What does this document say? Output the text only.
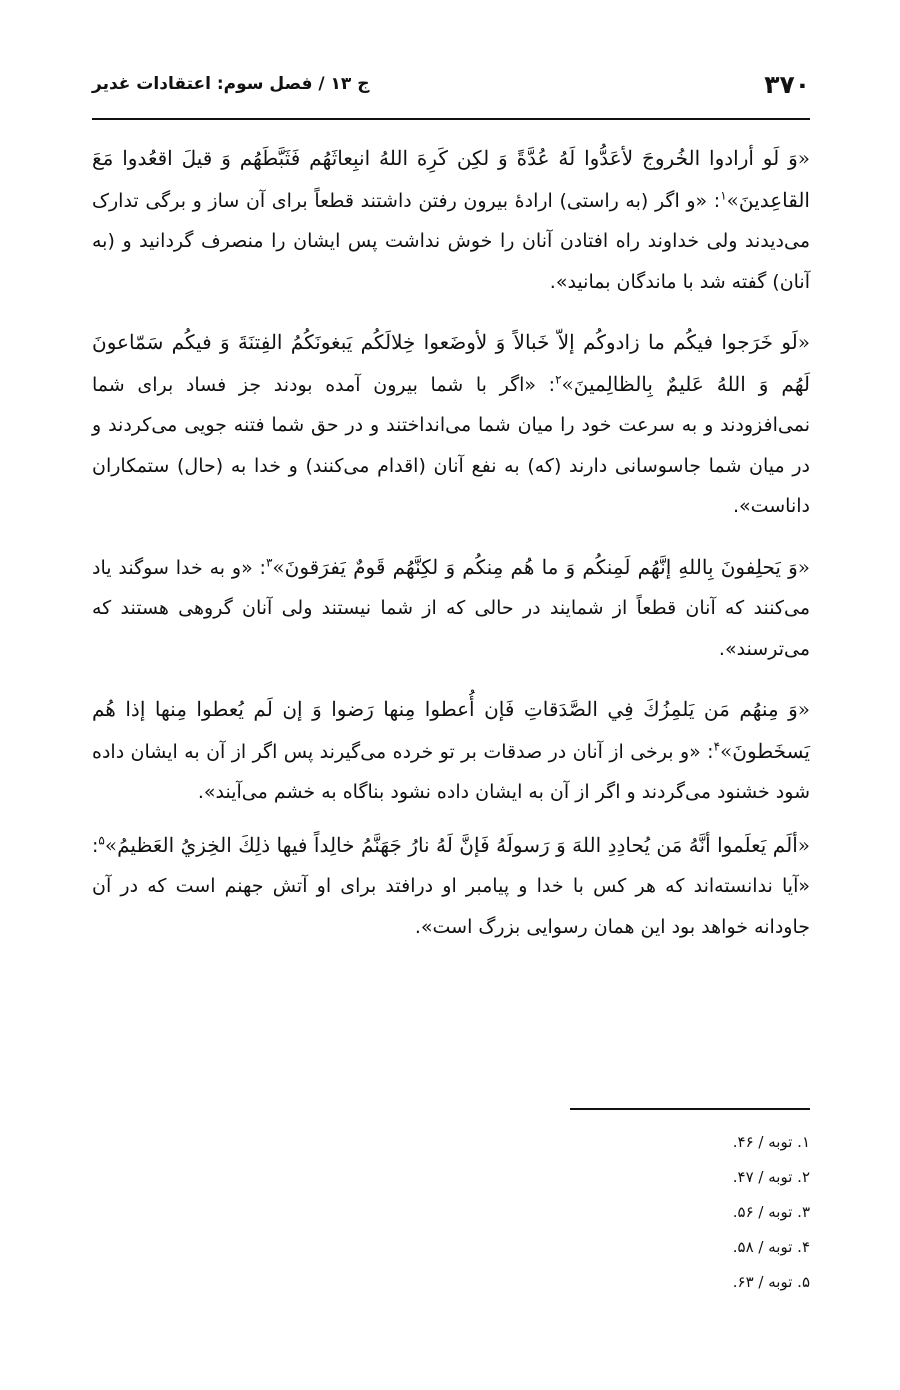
۳۷۰
ج ۱۳ / فصل سوم: اعتقادات غدیر

«وَ لَو أرادوا الخُروجَ لأعَدُّوا لَهُ عُدَّةً وَ لكِن كَرِهَ اللهُ انبِعاثَهُم فَثَبَّطَهُم وَ قيلَ اقعُدوا مَعَ القاعِدينَ»$^۱$: «و اگر (به راستی) ارادۀ بیرون رفتن داشتند قطعاً برای آن ساز و برگی تدارک می‌دیدند ولی خداوند راه افتادن آنان را خوش نداشت پس ایشان را منصرف گردانید و (به آنان) گفته شد با ماندگان بمانید».

«لَو خَرَجوا فيكُم ما زادوكُم إلاّ خَبالاً وَ لأوضَعوا خِلالَكُم يَبغونَكُمُ الفِتنَةَ وَ فيكُم سَمّاعونَ لَهُم وَ اللهُ عَليمٌ بِالظالِمينَ»$^۲$: «اگر با شما بیرون آمده بودند جز فساد برای شما نمی‌افزودند و به سرعت خود را میان شما می‌انداختند و در حق شما فتنه جویی می‌کردند و در میان شما جاسوسانی دارند (که) به نفع آنان (اقدام می‌کنند) و خدا به (حال) ستمکاران داناست».

«وَ يَحلِفونَ بِاللهِ إنَّهُم لَمِنكُم وَ ما هُم مِنكُم وَ لكِنَّهُم قَومٌ يَفرَقونَ»$^۳$: «و به خدا سوگند یاد می‌کنند که آنان قطعاً از شمایند در حالی که از شما نیستند ولی آنان گروهی هستند که می‌ترسند».

«وَ مِنهُم مَن يَلمِزُكَ فِي الصَّدَقاتِ فَإن أُعطوا مِنها رَضوا وَ إن لَم يُعطوا مِنها إذا هُم يَسخَطونَ»$^۴$: «و برخی از آنان در صدقات بر تو خرده می‌گیرند پس اگر از آن به ایشان داده شود خشنود می‌گردند و اگر از آن به ایشان داده نشود بناگاه به خشم می‌آیند».

«ألَم يَعلَموا أنَّهُ مَن يُحادِدِ اللهَ وَ رَسولَهُ فَإنَّ لَهُ نارُ جَهَنَّمُ خالِداً فيها ذلِكَ الخِزيُ العَظيمُ»$^۵$: «آیا ندانسته‌اند که هر کس با خدا و پیامبر او درافتد برای او آتش جهنم است که در آن جاودانه خواهد بود این همان رسوایی بزرگ است».

۱. توبه / ۴۶.
۲. توبه / ۴۷.
۳. توبه / ۵۶.
۴. توبه / ۵۸.
۵. توبه / ۶۳.
